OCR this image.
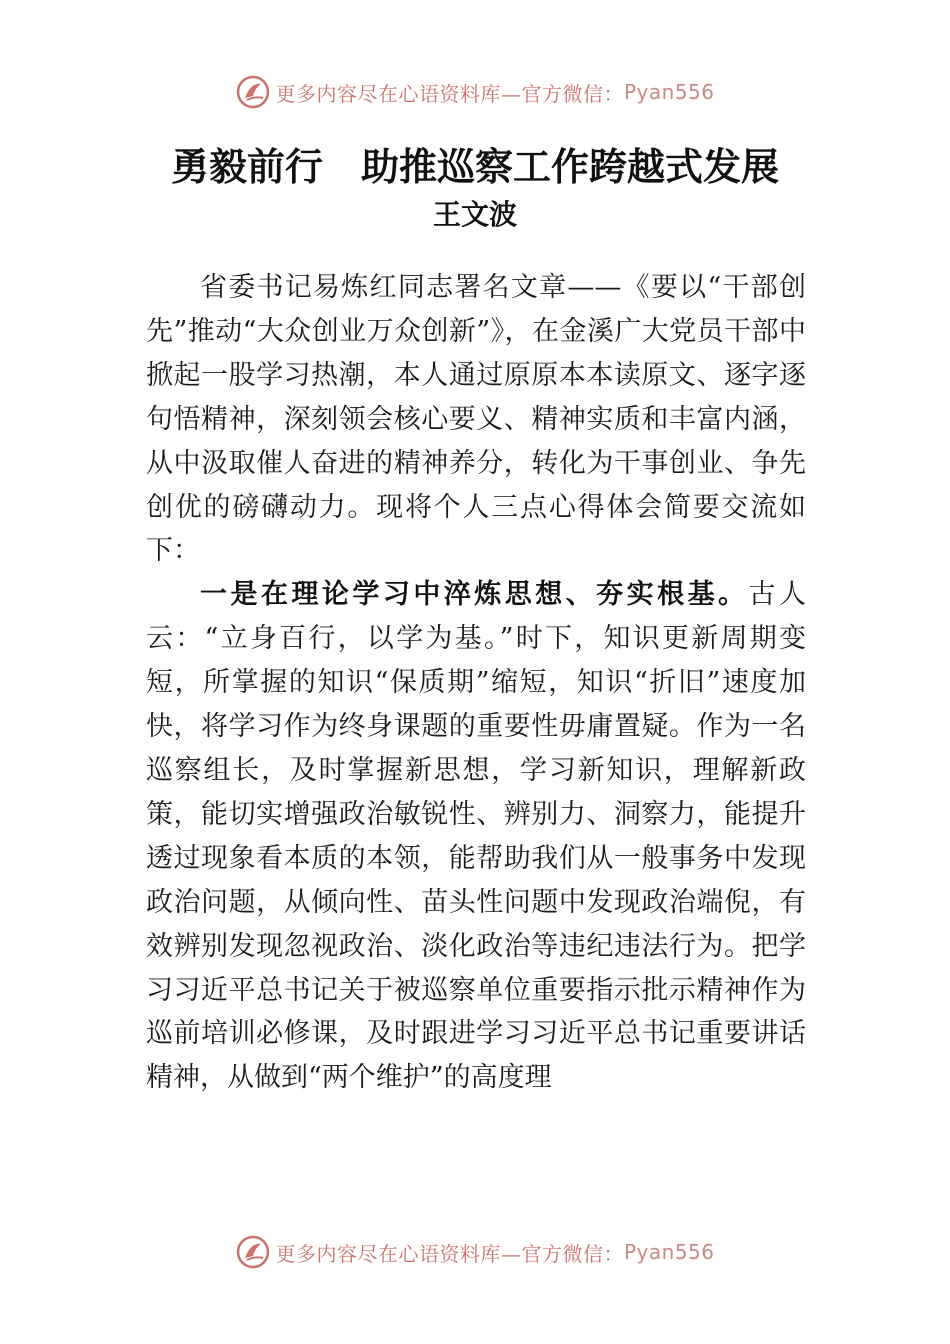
更多内容尽在心语资料库—官方微信： Pyan556
勇毅前行　助推巡察工作跨越式发展
王文波

省委书记易炼红同志署名文章——《要以“干部创先”推动“大众创业万众创新”》，在金溪广大党员干部中掀起一股学习热潮，本人通过原原本本读原文、逐字逐句悟精神，深刻领会核心要义、精神实质和丰富内涵，从中汲取催人奋进的精神养分，转化为干事创业、争先创优的磅礴动力。现将个人三点心得体会简要交流如下：

一是在理论学习中淬炼思想、夯实根基。古人云：“立身百行，以学为基。”时下，知识更新周期变短，所掌握的知识“保质期”缩短，知识“折旧”速度加快，将学习作为终身课题的重要性毋庸置疑。作为一名巡察组长，及时掌握新思想，学习新知识，理解新政策，能切实增强政治敏锐性、辨别力、洞察力，能提升透过现象看本质的本领，能帮助我们从一般事务中发现政治问题，从倾向性、苗头性问题中发现政治端倪，有效辨别发现忽视政治、淡化政治等违纪违法行为。把学习习近平总书记关于被巡察单位重要指示批示精神作为巡前培训必修课，及时跟进学习习近平总书记重要讲话精神，从做到“两个维护”的高度理

更多内容尽在心语资料库—官方微信： Pyan556
